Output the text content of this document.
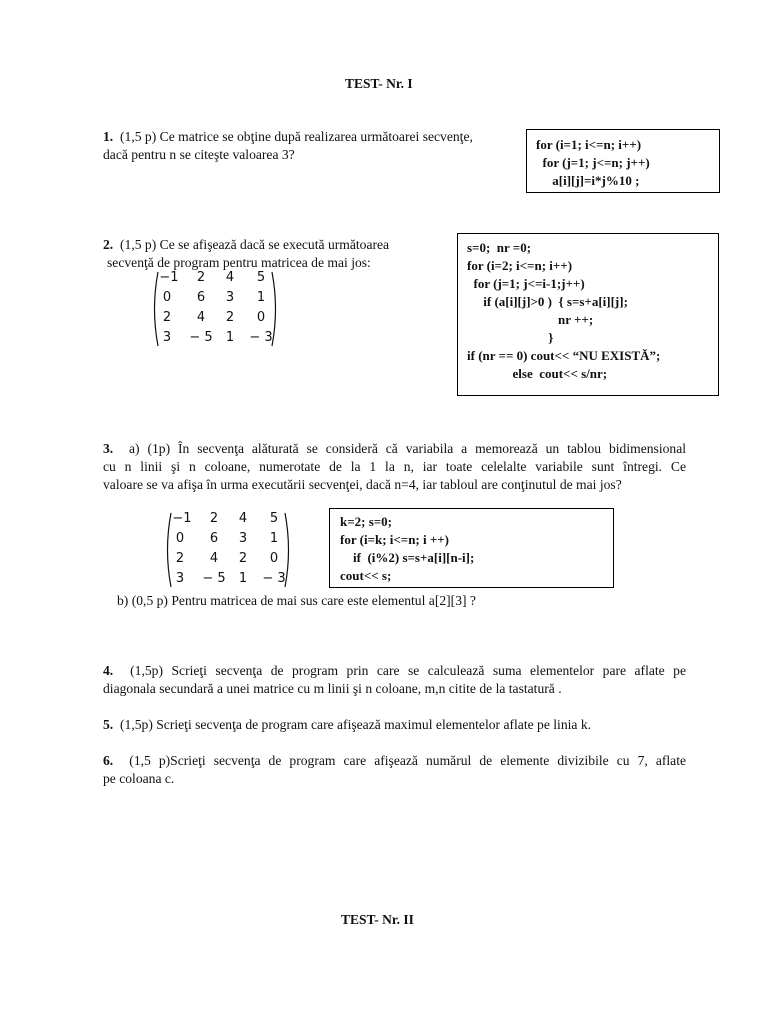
TEST- Nr. I
1. (1,5 p) Ce matrice se obţine după realizarea următoarei secvenţe,
dacă pentru n se citeşte valoarea 3?
for (i=1; i<=n; i++)
for (j=1; j<=n; j++)
a[i][j]=i*j%10 ;
2. (1,5 p) Ce se afişează dacă se execută următoarea
secvenţă de program pentru matricea de mai jos:
−1	2	4	5
0	6	3	1
2	4	2	0
3	− 5	1	− 3
s=0;  nr =0;
for (i=2; i<=n; i++)
for (j=1; j<=i-1;j++)
if (a[i][j]>0 )  { s=s+a[i][j];
nr ++;
}
if (nr == 0) cout<< “NU EXISTĂ”;
else  cout<< s/nr;
3. a) (1p) În secvenţa alăturată se consideră că variabila a memorează un tablou bidimensional
cu n linii şi n coloane, numerotate de la 1 la n, iar toate celelalte variabile sunt întregi. Ce
valoare se va afişa în urma executării secvenţei, dacă n=4, iar tabloul are conţinutul de mai jos?
−1	2	4	5
0	6	3	1
2	4	2	0
3	− 5	1	− 3
k=2; s=0;
for (i=k; i<=n; i ++)
if  (i%2) s=s+a[i][n-i];
cout<< s;
b) (0,5 p) Pentru matricea de mai sus care este elementul a[2][3] ?
4. (1,5p) Scrieţi secvenţa de program prin care se calculează suma elementelor pare aflate pe
diagonala secundară a unei matrice cu m linii şi n coloane, m,n citite de la tastatură .
5. (1,5p) Scrieţi secvenţa de program care afişează maximul elementelor aflate pe linia k.
6. (1,5 p)Scrieţi secvenţa de program care afişează numărul de elemente divizibile cu 7, aflate
pe coloana c.
TEST- Nr. II
